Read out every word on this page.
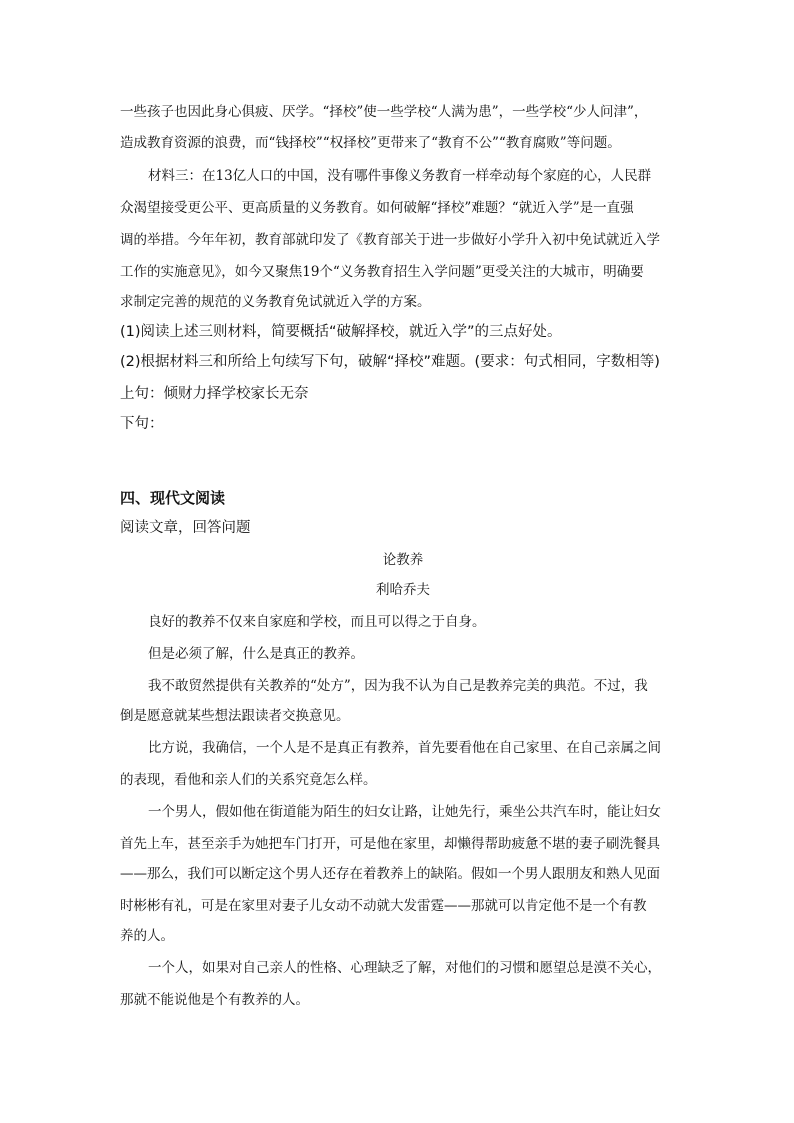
一些孩子也因此身心俱疲、厌学。“择校”使一些学校“人满为患”，一些学校“少人问津”，
造成教育资源的浪费，而“钱择校”“权择校”更带来了“教育不公”“教育腐败”等问题。
材料三：在13亿人口的中国，没有哪件事像义务教育一样牵动每个家庭的心，人民群
众渴望接受更公平、更高质量的义务教育。如何破解“择校”难题？“就近入学”是一直强
调的举措。今年年初，教育部就印发了《教育部关于进一步做好小学升入初中免试就近入学
工作的实施意见》，如今又聚焦19个“义务教育招生入学问题”更受关注的大城市，明确要
求制定完善的规范的义务教育免试就近入学的方案。
(1)阅读上述三则材料，简要概括“破解择校，就近入学”的三点好处。
(2)根据材料三和所给上句续写下句，破解“择校”难题。(要求：句式相同，字数相等)
上句：倾财力择学校家长无奈
下句：
四、现代文阅读
阅读文章，回答问题
论教养
利哈乔夫
良好的教养不仅来自家庭和学校，而且可以得之于自身。
但是必须了解，什么是真正的教养。
我不敢贸然提供有关教养的“处方”，因为我不认为自己是教养完美的典范。不过，我
倒是愿意就某些想法跟读者交换意见。
比方说，我确信，一个人是不是真正有教养，首先要看他在自己家里、在自己亲属之间
的表现，看他和亲人们的关系究竟怎么样。
一个男人，假如他在街道能为陌生的妇女让路，让她先行，乘坐公共汽车时，能让妇女
首先上车，甚至亲手为她把车门打开，可是他在家里，却懒得帮助疲惫不堪的妻子刷洗餐具
——那么，我们可以断定这个男人还存在着教养上的缺陷。假如一个男人跟朋友和熟人见面
时彬彬有礼，可是在家里对妻子儿女动不动就大发雷霆——那就可以肯定他不是一个有教
养的人。
一个人，如果对自己亲人的性格、心理缺乏了解，对他们的习惯和愿望总是漠不关心，
那就不能说他是个有教养的人。
